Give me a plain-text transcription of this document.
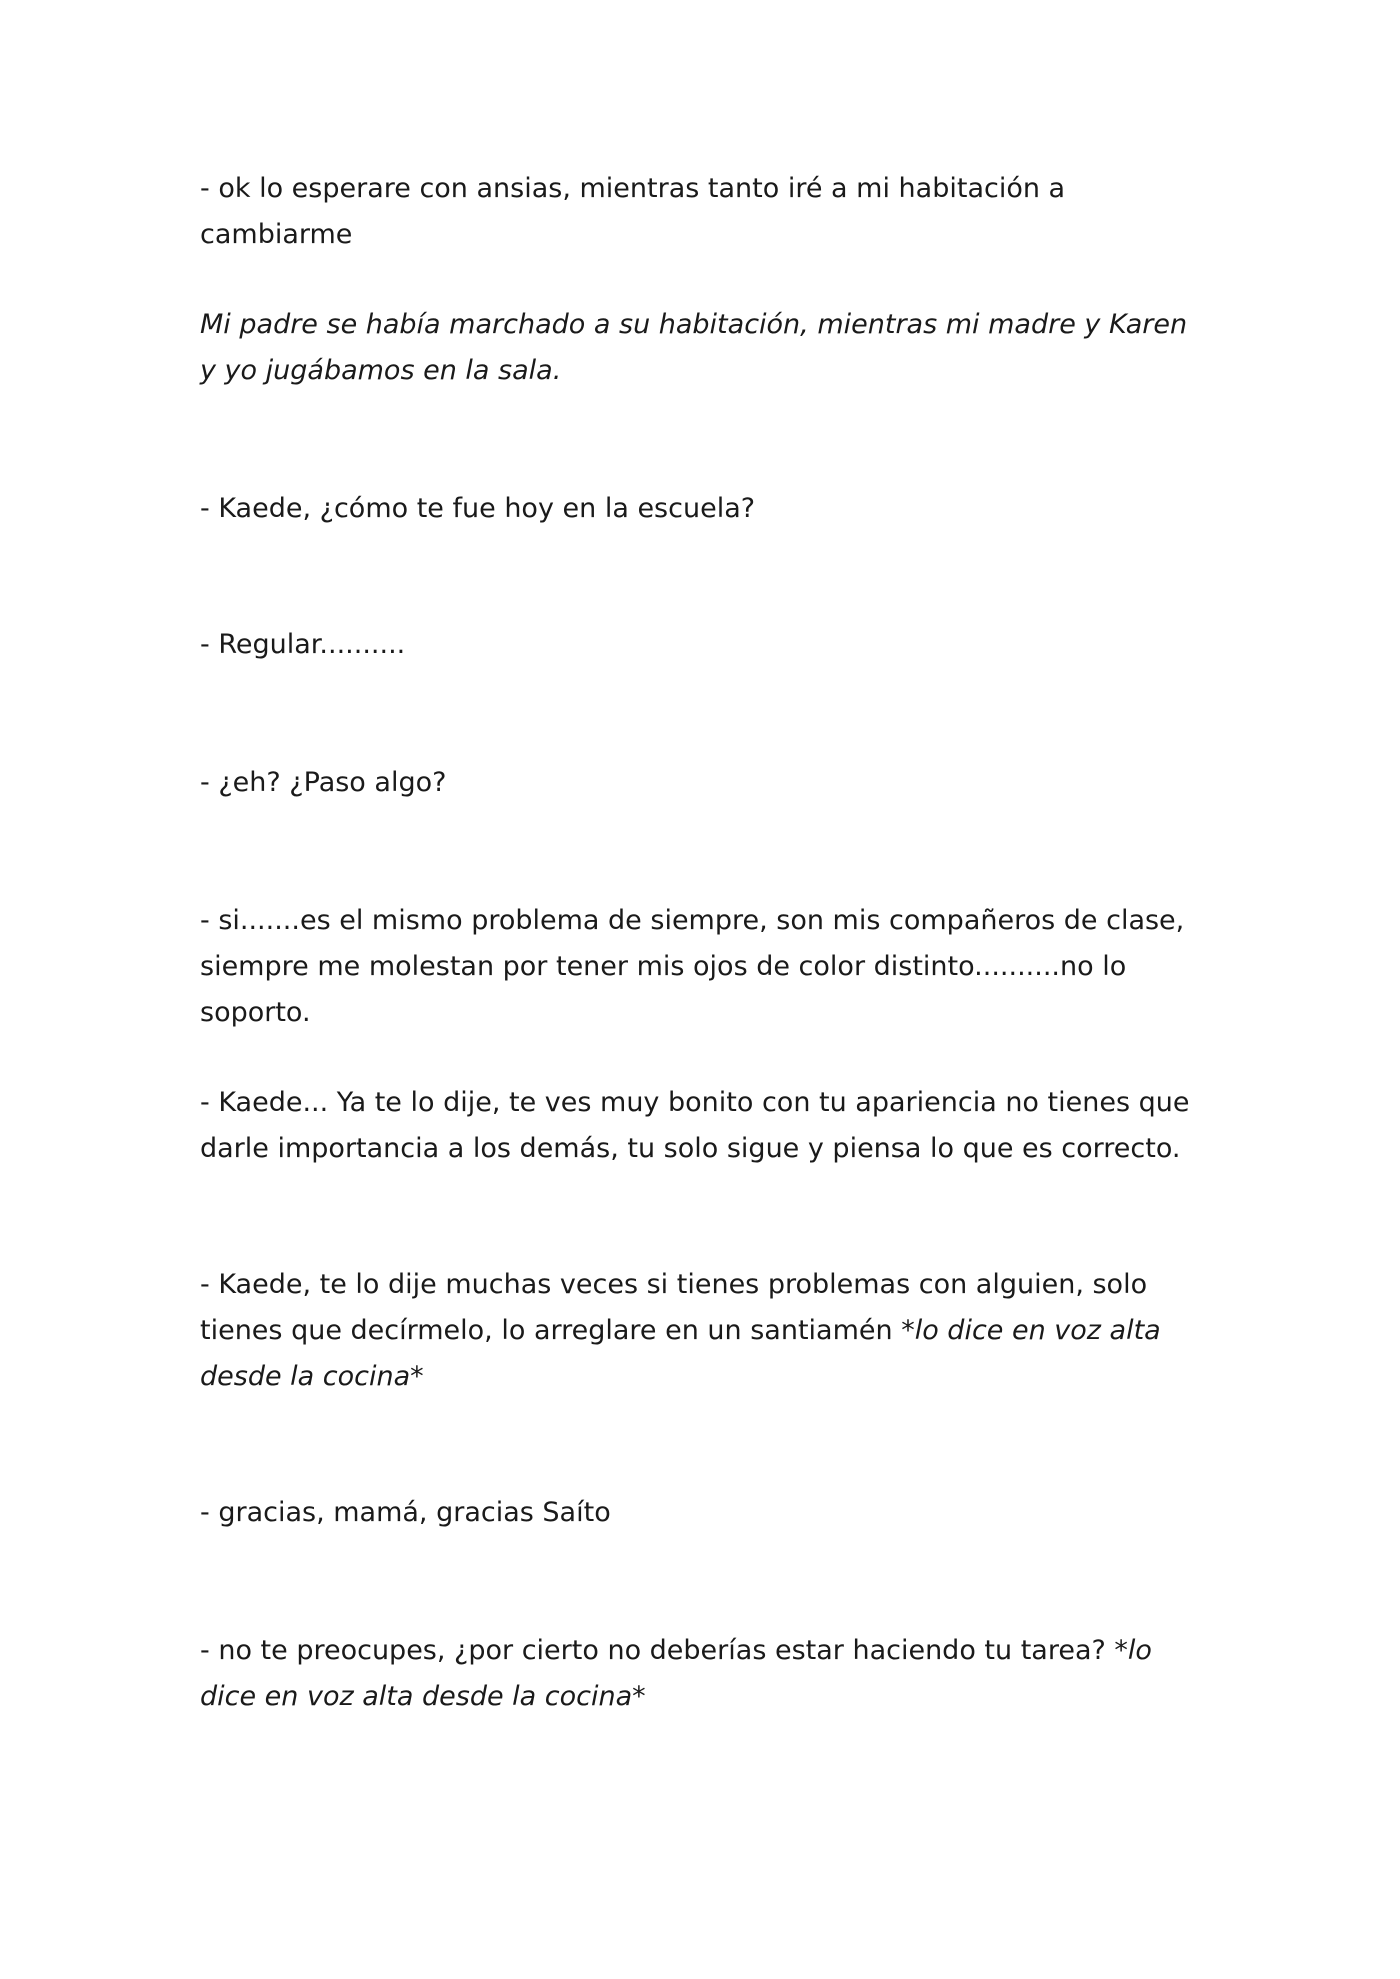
- ok lo esperare con ansias, mientras tanto iré a mi habitación a cambiarme

Mi padre se había marchado a su habitación, mientras mi madre y Karen y yo jugábamos en la sala.

- Kaede, ¿cómo te fue hoy en la escuela?

- Regular..........

- ¿eh? ¿Paso algo?

- si.......es el mismo problema de siempre, son mis compañeros de clase, siempre me molestan por tener mis ojos de color distinto..........no lo soporto.

- Kaede... Ya te lo dije, te ves muy bonito con tu apariencia no tienes que darle importancia a los demás, tu solo sigue y piensa lo que es correcto.

- Kaede, te lo dije muchas veces si tienes problemas con alguien, solo tienes que decírmelo, lo arreglare en un santiamén *lo dice en voz alta desde la cocina*

- gracias, mamá, gracias Saíto

- no te preocupes, ¿por cierto no deberías estar haciendo tu tarea? *lo dice en voz alta desde la cocina*
